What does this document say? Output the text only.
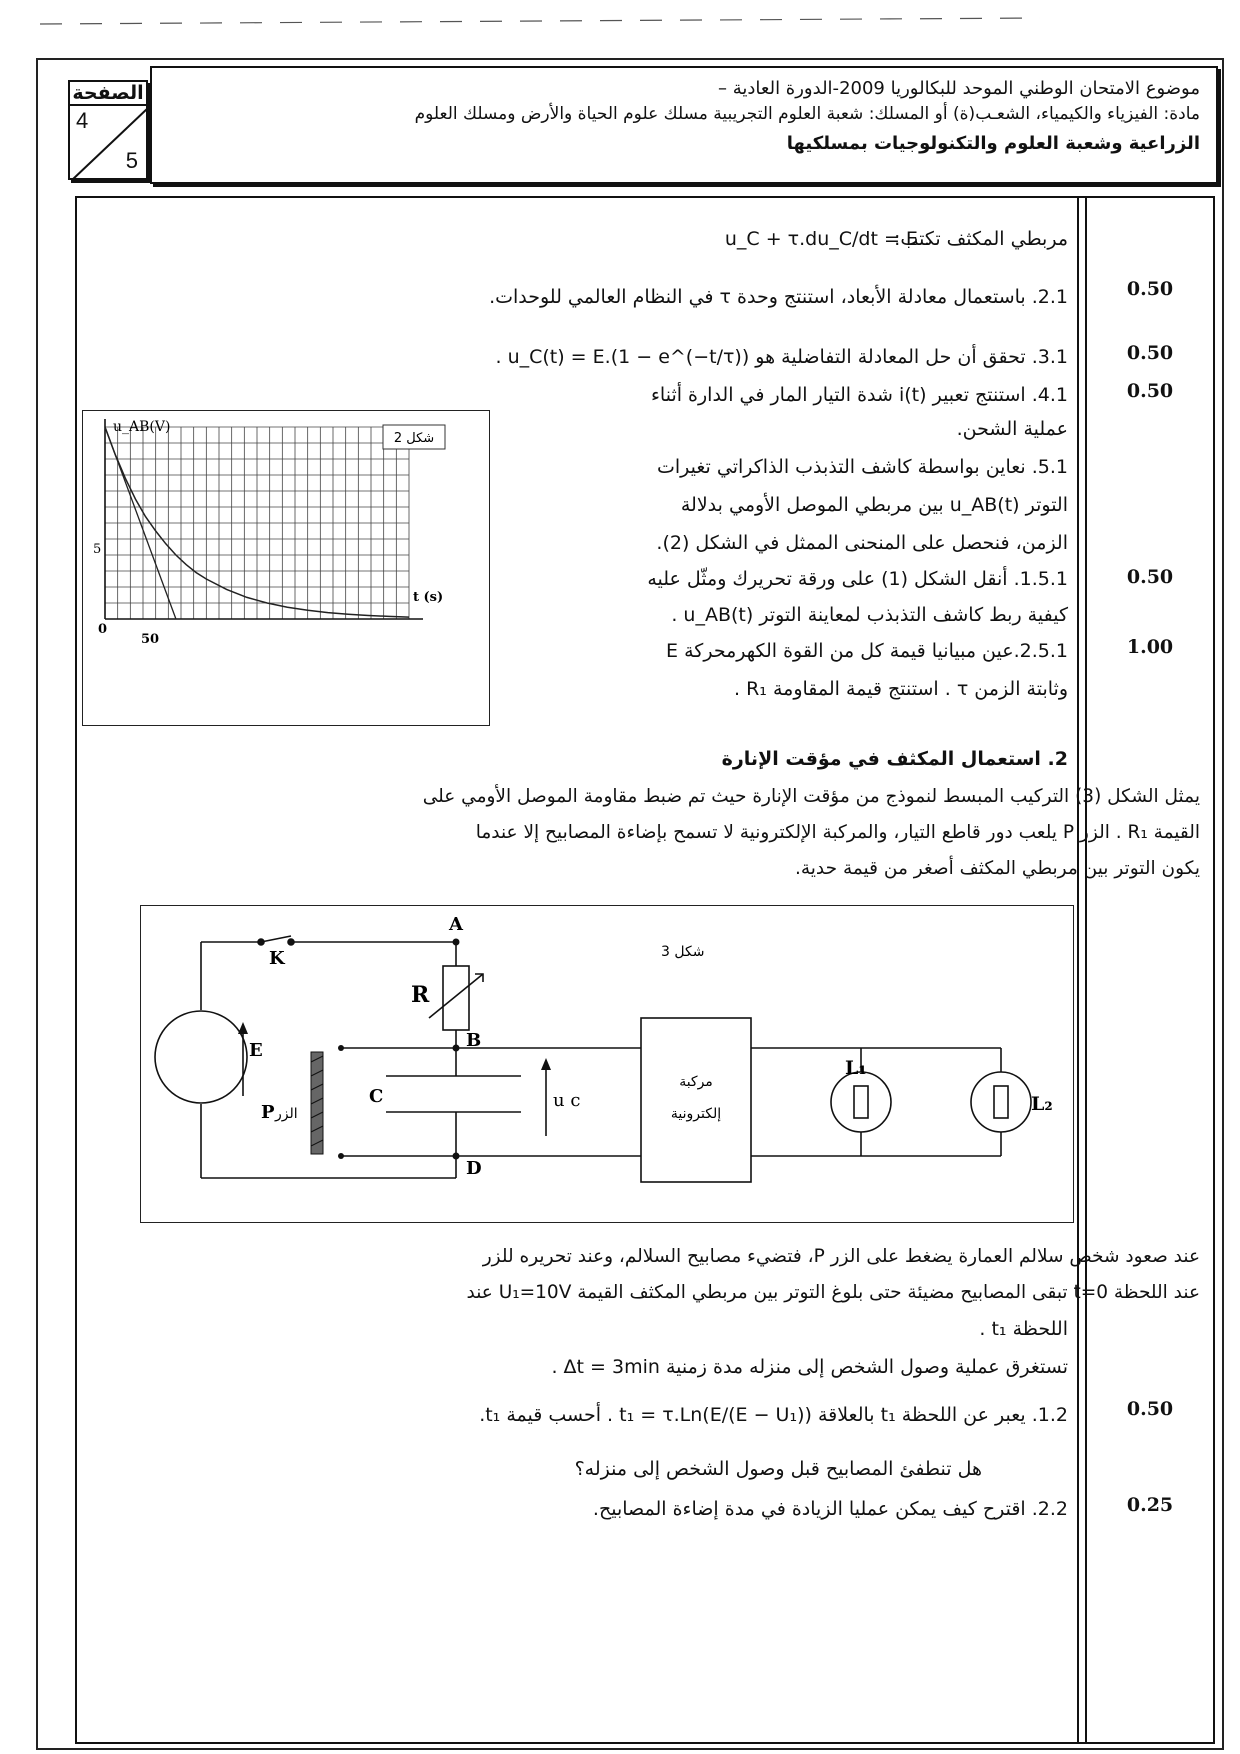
الصفحة
4
5
موضوع الامتحان الوطني الموحد للبكالوريا 2009-الدورة العادية –
مادة: الفيزياء والكيمياء، الشعـب(ة) أو المسلك: شعبة العلوم التجريبية مسلك علوم الحياة والأرض ومسلك العلوم
الزراعية وشعبة العلوم والتكنولوجيات بمسلكيها
مربطي المكثف تكتب:
u_C + τ.du_C/dt = E .
2.1. باستعمال معادلة الأبعاد، استنتج وحدة τ في النظام العالمي للوحدات.	0.50
3.1. تحقق أن حل المعادلة التفاضلية هو u_C(t) = E.(1 − e^(−t/τ)) .	0.50
4.1. استنتج تعبير i(t) شدة التيار المار في الدارة أثناء
عملية الشحن.
0.50
5.1. نعاين بواسطة كاشف التذبذب الذاكراتي تغيرات
التوتر u_AB(t) بين مربطي الموصل الأومي بدلالة
الزمن، فنحصل على المنحنى الممثل في الشكل (2).
1.5.1. أنقل الشكل (1) على ورقة تحريرك ومثّل عليه
كيفية ربط كاشف التذبذب لمعاينة التوتر u_AB(t) .
0.50
2.5.1.عين مبيانيا قيمة كل من القوة الكهرمحركة E
وثابتة الزمن τ . استنتج قيمة المقاومة R₁ .
1.00
شكل 2
u_AB(V)
t (s)
5
50
0
2. استعمال المكثف في مؤقت الإنارة
يمثل الشكل (3) التركيب المبسط لنموذج من مؤقت الإنارة حيث تم ضبط مقاومة الموصل الأومي على
القيمة R₁ . الزر P يلعب دور قاطع التيار، والمركبة الإلكترونية لا تسمح بإضاءة المصابيح إلا عندما
يكون التوتر بين مربطي المكثف أصغر من قيمة حدية.
A
B
D
K
R
E
C	u c
P
L₁
L₂
الزر
مركبة
إلكترونية
شكل 3
عند صعود شخص سلالم العمارة يضغط على الزر P، فتضيء مصابيح السلالم، وعند تحريره للزر
عند اللحظة t=0 تبقى المصابيح مضيئة حتى بلوغ التوتر بين مربطي المكثف القيمة U₁=10V عند
اللحظة t₁ .
تستغرق عملية وصول الشخص إلى منزله مدة زمنية Δt = 3min .
1.2. يعبر عن اللحظة t₁ بالعلاقة t₁ = τ.Ln(E/(E − U₁)) . أحسب قيمة t₁.	0.50
هل تنطفئ المصابيح قبل وصول الشخص إلى منزله؟
2.2. اقترح كيف يمكن عمليا الزيادة في مدة إضاءة المصابيح.	0.25
